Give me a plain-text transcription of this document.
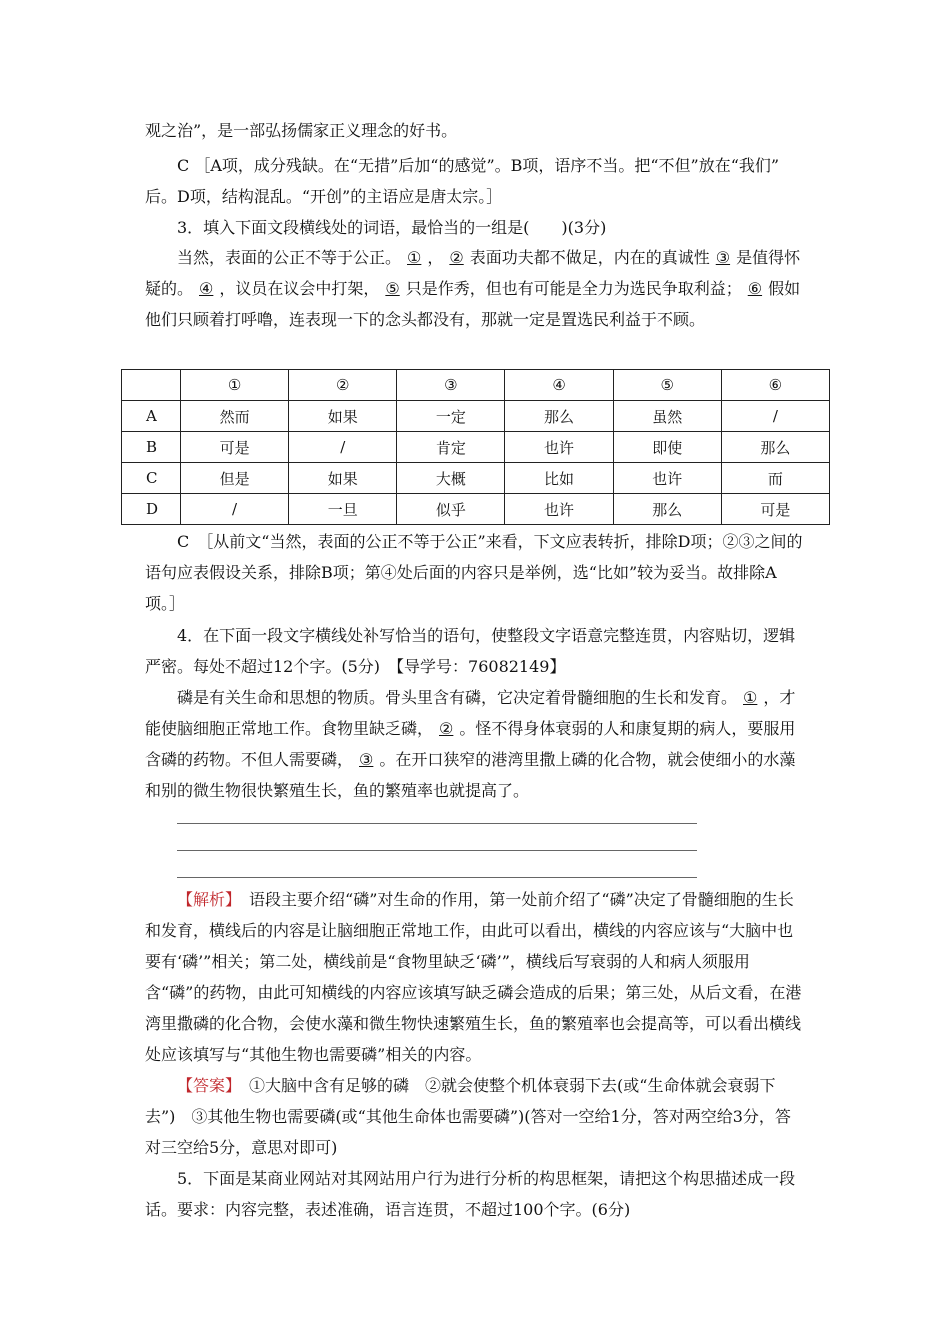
观之治”，是一部弘扬儒家正义理念的好书。

C ［A项，成分残缺。在“无措”后加“的感觉”。B项，语序不当。把“不但”放在“我们”
后。D项，结构混乱。“开创”的主语应是唐太宗。］

3．填入下面文段横线处的词语，最恰当的一组是(　　)(3分)

当然，表面的公正不等于公正。 ① ， ② 表面功夫都不做足，内在的真诚性 ③ 是值得怀疑的。 ④ ，议员在议会中打架， ⑤ 只是作秀，但也有可能是全力为选民争取利益； ⑥ 假如他们只顾着打呼噜，连表现一下的念头都没有，那就一定是置选民利益于不顾。

	①	②	③	④	⑤	⑥
A	然而	如果	一定	那么	虽然	/
B	可是	/	肯定	也许	即使	那么
C	但是	如果	大概	比如	也许	而
D	/	一旦	似乎	也许	那么	可是

C　 ［从前文“当然，表面的公正不等于公正”来看，下文应表转折，排除D项；②③之间的语句应表假设关系，排除B项；第④处后面的内容只是举例，选“比如”较为妥当。故排除A项。］

4．在下面一段文字横线处补写恰当的语句，使整段文字语意完整连贯，内容贴切，逻辑严密。每处不超过12个字。(5分)　【导学号：76082149】

磷是有关生命和思想的物质。骨头里含有磷，它决定着骨髓细胞的生长和发育。 ① ，才能使脑细胞正常地工作。食物里缺乏磷， ② 。怪不得身体衰弱的人和康复期的病人，要服用含磷的药物。不但人需要磷， ③ 。在开口狭窄的港湾里撒上磷的化合物，就会使细小的水藻和别的微生物很快繁殖生长，鱼的繁殖率也就提高了。

【解析】　 语段主要介绍“磷”对生命的作用，第一处前介绍了“磷”决定了骨髓细胞的生长和发育，横线后的内容是让脑细胞正常地工作，由此可以看出，横线的内容应该与“大脑中也要有‘磷’”相关；第二处，横线前是“食物里缺乏‘磷’”，横线后写衰弱的人和病人须服用含“磷”的药物，由此可知横线的内容应该填写缺乏磷会造成的后果；第三处，从后文看，在港湾里撒磷的化合物，会使水藻和微生物快速繁殖生长，鱼的繁殖率也会提高等，可以看出横线处应该填写与“其他生物也需要磷”相关的内容。

【答案】　 ①大脑中含有足够的磷　②就会使整个机体衰弱下去(或“生命体就会衰弱下去”)　③其他生物也需要磷(或“其他生命体也需要磷”)(答对一空给1分，答对两空给3分，答对三空给5分，意思对即可)

5．下面是某商业网站对其网站用户行为进行分析的构思框架，请把这个构思描述成一段话。要求：内容完整，表述准确，语言连贯，不超过100个字。(6分)
